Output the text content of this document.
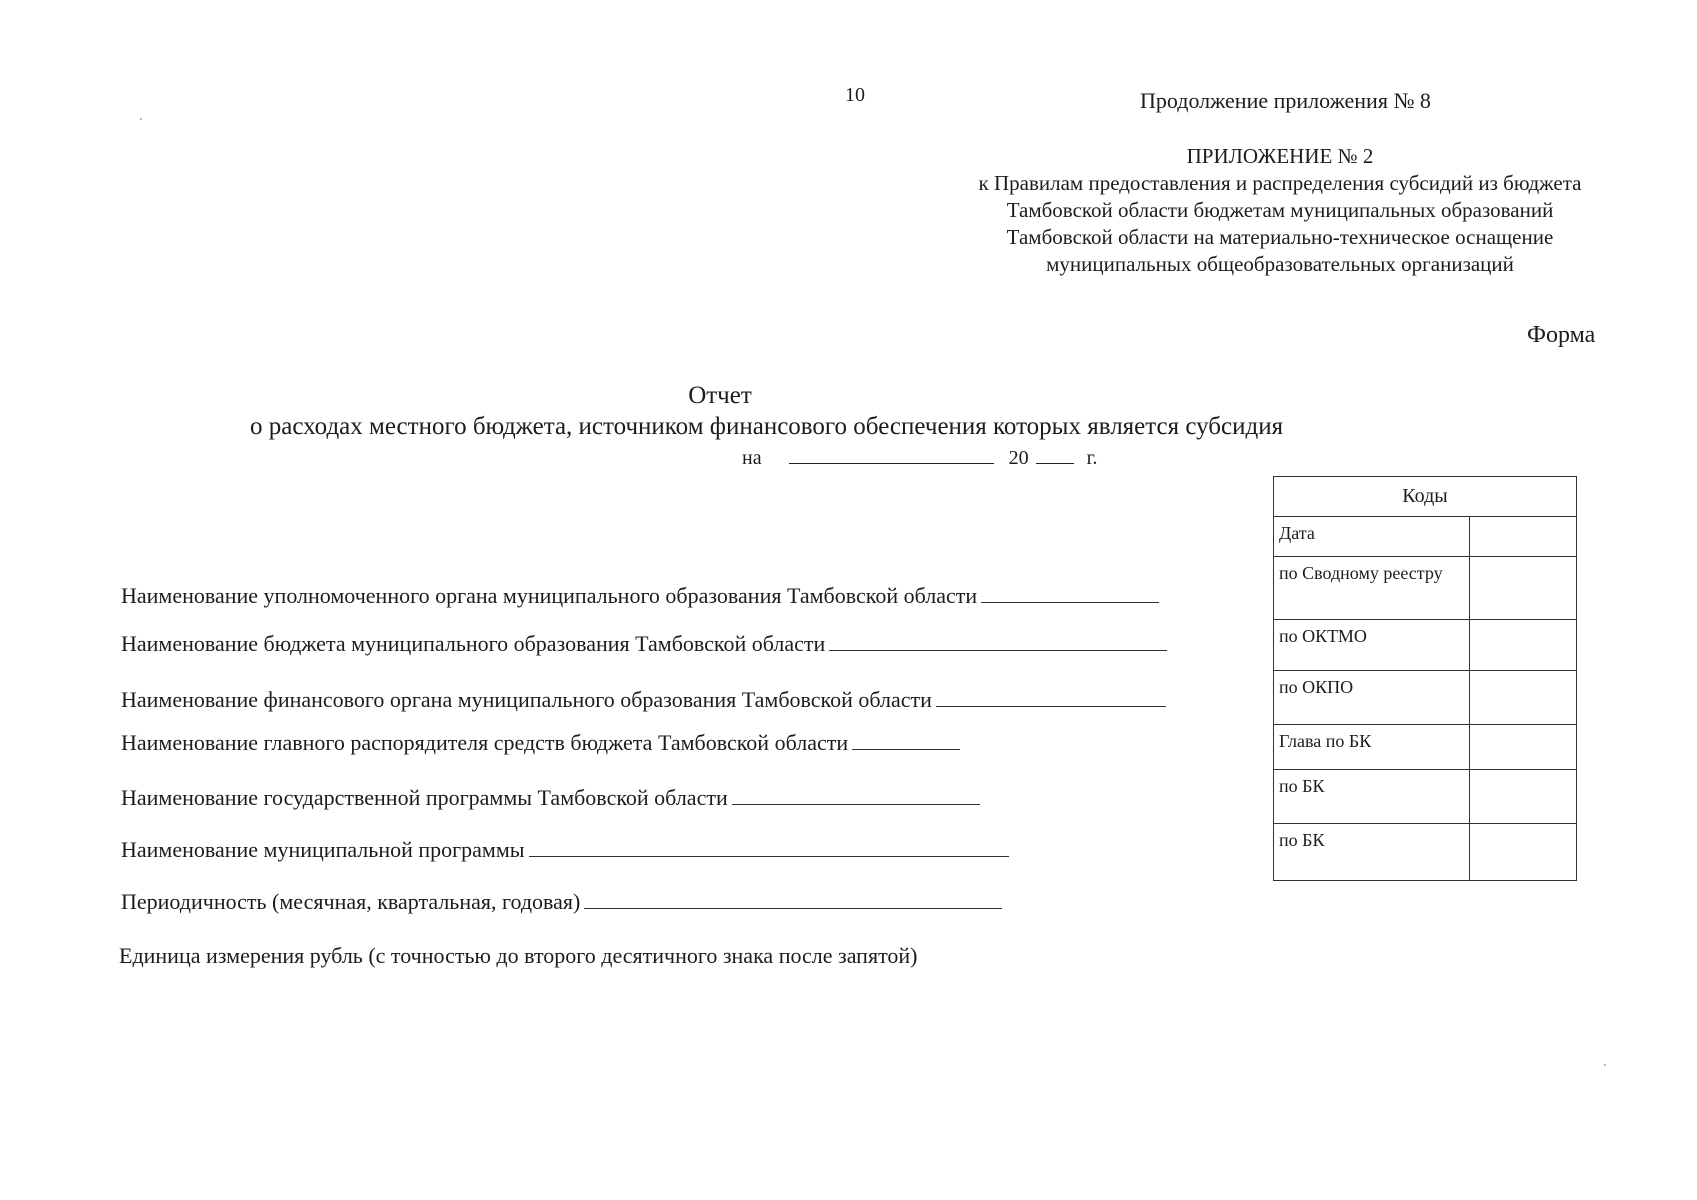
10	Продолжение приложения № 8
ПРИЛОЖЕНИЕ № 2
к Правилам предоставления и распределения субсидий из бюджета
Тамбовской области бюджетам муниципальных образований
Тамбовской области на материально-техническое оснащение
муниципальных общеобразовательных организаций
Форма
Отчет
о расходах местного бюджета, источником финансового обеспечения которых является субсидия
на	20	г.
Наименование уполномоченного органа муниципального образования Тамбовской области
Наименование бюджета муниципального образования Тамбовской области
Наименование финансового органа муниципального образования Тамбовской области
Наименование главного распорядителя средств бюджета Тамбовской области
Наименование государственной программы Тамбовской области
Наименование муниципальной программы
Периодичность (месячная, квартальная, годовая)
Единица измерения рубль (с точностью до второго десятичного знака после запятой)
Коды	
Дата	
по Сводному реестру	
по ОКТМО	
по ОКПО	
Глава по БК	
по БК	
по БК	
